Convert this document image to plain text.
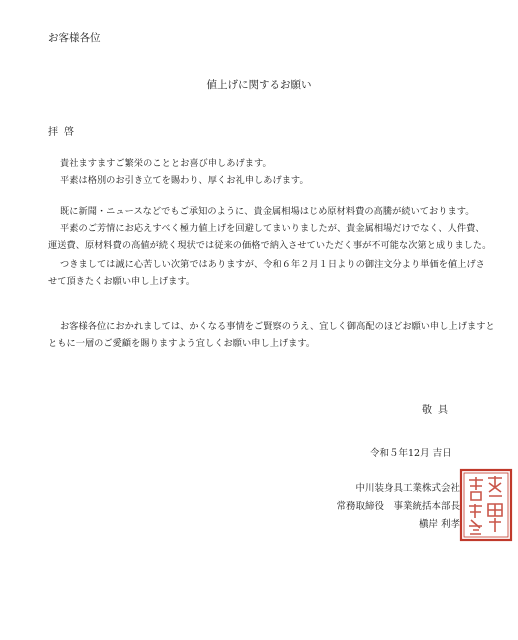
お客様各位
値上げに関するお願い
拝啓
貴社ますますご繁栄のこととお喜び申しあげます。
平素は格別のお引き立てを賜わり、厚くお礼申しあげます。
既に新聞・ニュースなどでもご承知のように、貴金属相場はじめ原材料費の高騰が続いております。
平素のご芳情にお応えすべく極力値上げを回避してまいりましたが、貴金属相場だけでなく、人件費、
運送費、原材料費の高値が続く現状では従来の価格で納入させていただく事が不可能な次第と成りました。
つきましては誠に心苦しい次第ではありますが、令和６年２月１日よりの御注文分より単価を値上げさ
せて頂きたくお願い申し上げます。
お客様各位におかれましては、かくなる事情をご賢察のうえ、宜しく御高配のほどお願い申し上げますと
ともに一層のご愛顧を賜りますよう宜しくお願い申し上げます。
敬具
令和５年12月 吉日
中川装身具工業株式会社
常務取締役　事業統括本部長
槇岸 利孝
